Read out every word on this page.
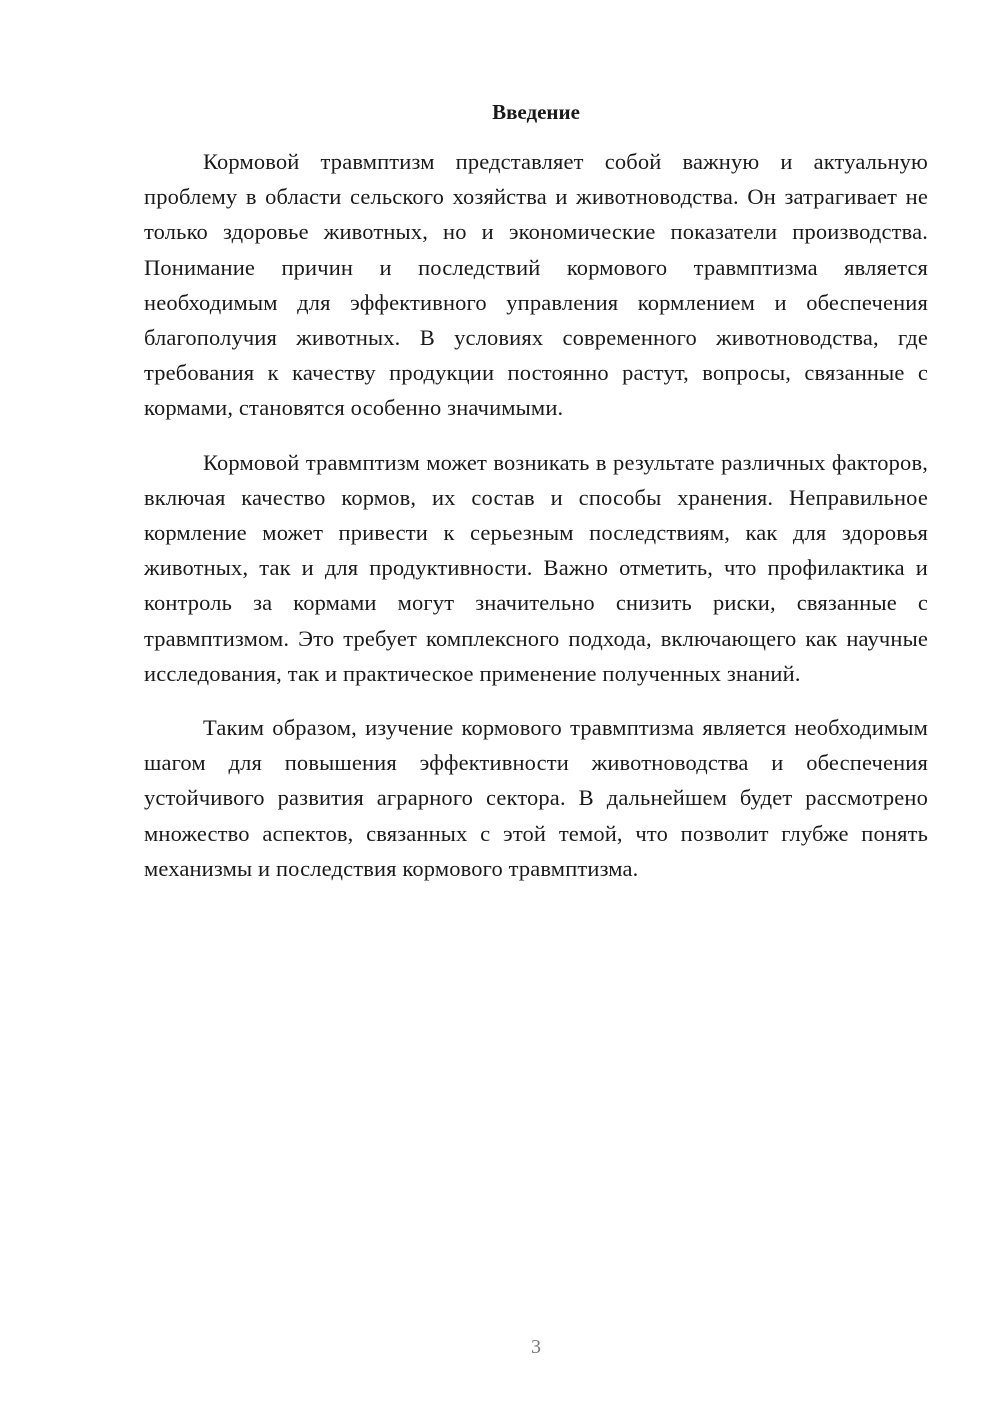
Введение

Кормовой травмптизм представляет собой важную и актуальную проблему в области сельского хозяйства и животноводства. Он затрагивает не только здоровье животных, но и экономические показатели производства. Понимание причин и последствий кормового травмптизма является необходимым для эффективного управления кормлением и обеспечения благополучия животных. В условиях современного животноводства, где требования к качеству продукции постоянно растут, вопросы, связанные с кормами, становятся особенно значимыми.

Кормовой травмптизм может возникать в результате различных факторов, включая качество кормов, их состав и способы хранения. Неправильное кормление может привести к серьезным последствиям, как для здоровья животных, так и для продуктивности. Важно отметить, что профилактика и контроль за кормами могут значительно снизить риски, связанные с травмптизмом. Это требует комплексного подхода, включающего как научные исследования, так и практическое применение полученных знаний.

Таким образом, изучение кормового травмптизма является необходимым шагом для повышения эффективности животноводства и обеспечения устойчивого развития аграрного сектора. В дальнейшем будет рассмотрено множество аспектов, связанных с этой темой, что позволит глубже понять механизмы и последствия кормового травмптизма.

3
